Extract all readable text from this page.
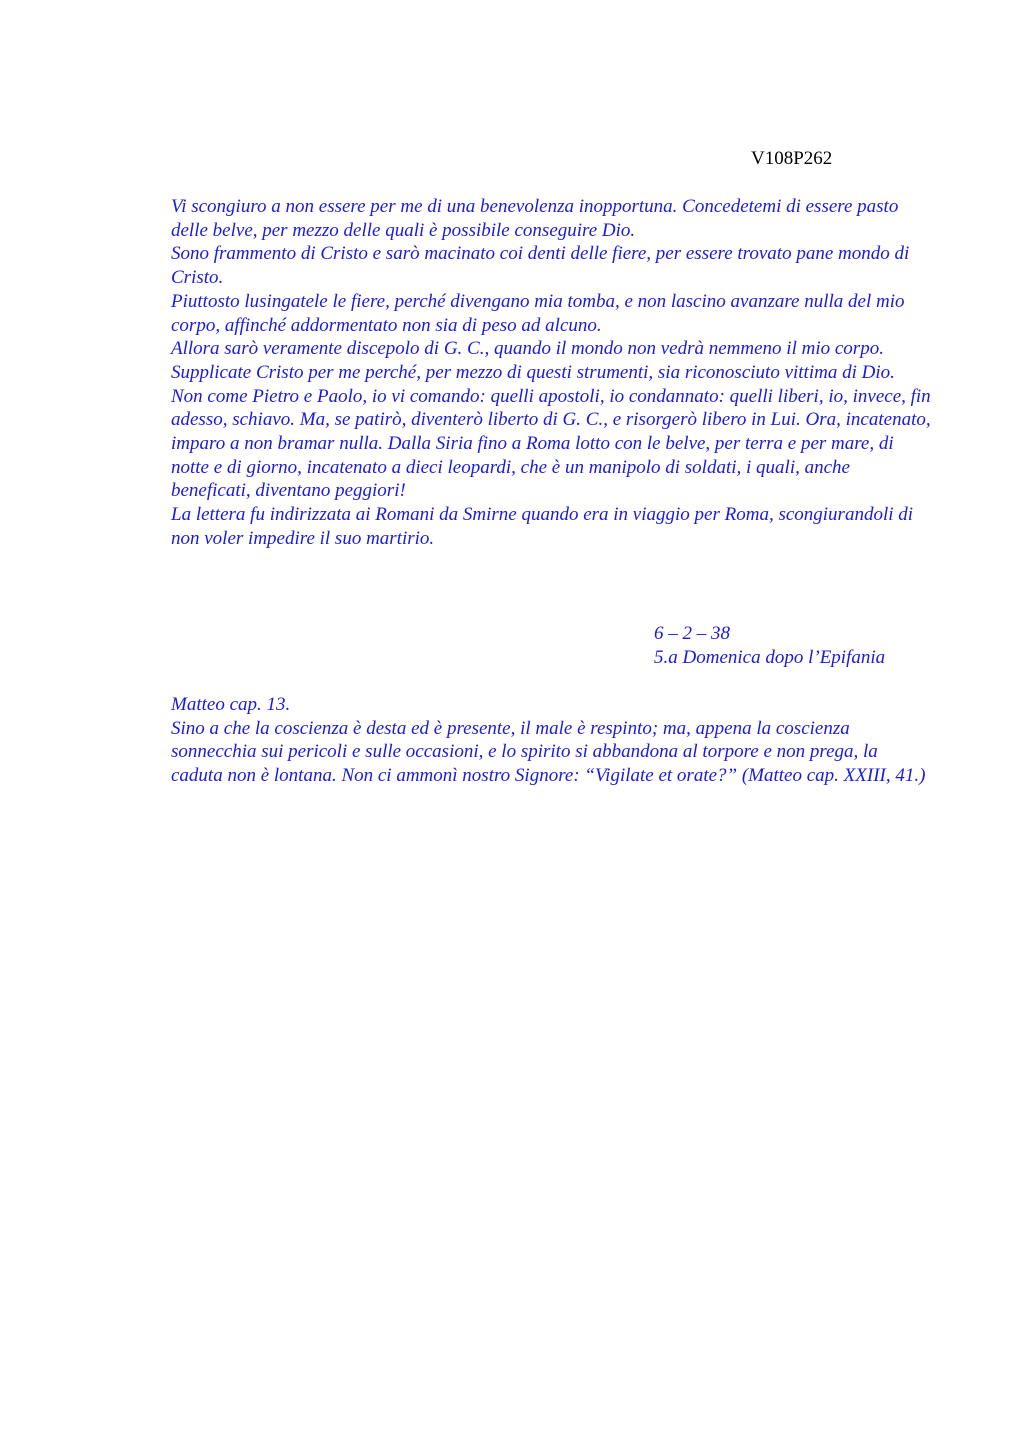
V108P262

Vi scongiuro a non essere per me di una benevolenza inopportuna. Concedetemi di essere pasto delle belve, per mezzo delle quali è possibile conseguire Dio.

Sono frammento di Cristo e sarò macinato coi denti delle fiere, per essere trovato pane mondo di Cristo.

Piuttosto lusingatele le fiere, perché divengano mia tomba, e non lascino avanzare nulla del mio corpo, affinché addormentato non sia di peso ad alcuno.

Allora sarò veramente discepolo di G. C., quando il mondo non vedrà nemmeno il mio corpo.

Supplicate Cristo per me perché, per mezzo di questi strumenti, sia riconosciuto vittima di Dio. Non come Pietro e Paolo, io vi comando: quelli apostoli, io condannato: quelli liberi, io, invece, fin adesso, schiavo. Ma, se patirò, diventerò liberto di G. C., e risorgerò libero in Lui. Ora, incatenato, imparo a non bramar nulla. Dalla Siria fino a Roma lotto con le belve, per terra e per mare, di notte e di giorno, incatenato a dieci leopardi, che è un manipolo di soldati, i quali, anche beneficati, diventano peggiori!

La lettera fu indirizzata ai Romani da Smirne quando era in viaggio per Roma, scongiurandoli di non voler impedire il suo martirio.

6 – 2 – 38

5.a Domenica dopo l’Epifania

Matteo cap. 13.

Sino a che la coscienza è desta ed è presente, il male è respinto; ma, appena la coscienza sonnecchia sui pericoli e sulle occasioni, e lo spirito si abbandona al torpore e non prega, la caduta non è lontana. Non ci ammonì nostro Signore: “Vigilate et orate?” (Matteo cap. XXIII, 41.)
